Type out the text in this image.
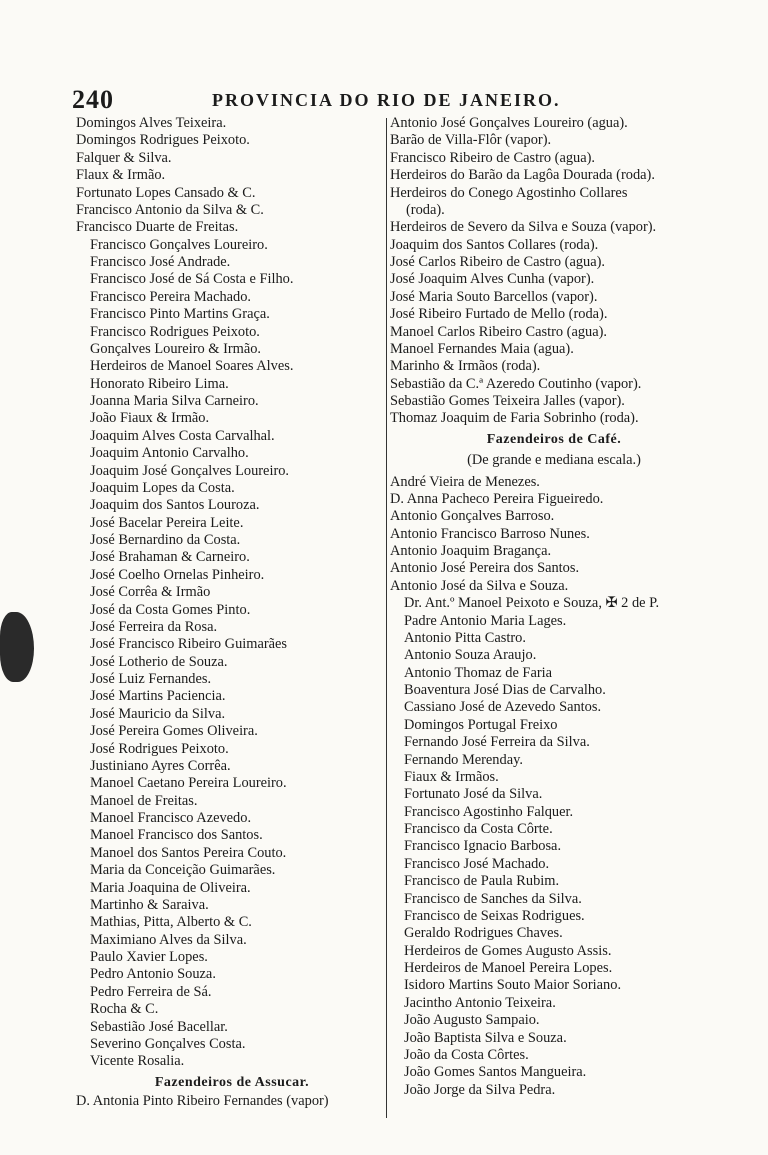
240	PROVINCIA DO RIO DE JANEIRO.
Domingos Alves Teixeira.
Domingos Rodrigues Peixoto.
Falquer & Silva.
Flaux & Irmão.
Fortunato Lopes Cansado & C.
Francisco Antonio da Silva & C.
Francisco Duarte de Freitas.
Francisco Gonçalves Loureiro.
Francisco José Andrade.
Francisco José de Sá Costa e Filho.
Francisco Pereira Machado.
Francisco Pinto Martins Graça.
Francisco Rodrigues Peixoto.
Gonçalves Loureiro & Irmão.
Herdeiros de Manoel Soares Alves.
Honorato Ribeiro Lima.
Joanna Maria Silva Carneiro.
João Fiaux & Irmão.
Joaquim Alves Costa Carvalhal.
Joaquim Antonio Carvalho.
Joaquim José Gonçalves Loureiro.
Joaquim Lopes da Costa.
Joaquim dos Santos Louroza.
José Bacelar Pereira Leite.
José Bernardino da Costa.
José Brahaman & Carneiro.
José Coelho Ornelas Pinheiro.
José Corrêa & Irmão
José da Costa Gomes Pinto.
José Ferreira da Rosa.
José Francisco Ribeiro Guimarães
José Lotherio de Souza.
José Luiz Fernandes.
José Martins Paciencia.
José Mauricio da Silva.
José Pereira Gomes Oliveira.
José Rodrigues Peixoto.
Justiniano Ayres Corrêa.
Manoel Caetano Pereira Loureiro.
Manoel de Freitas.
Manoel Francisco Azevedo.
Manoel Francisco dos Santos.
Manoel dos Santos Pereira Couto.
Maria da Conceição Guimarães.
Maria Joaquina de Oliveira.
Martinho & Saraiva.
Mathias, Pitta, Alberto & C.
Maximiano Alves da Silva.
Paulo Xavier Lopes.
Pedro Antonio Souza.
Pedro Ferreira de Sá.
Rocha & C.
Sebastião José Bacellar.
Severino Gonçalves Costa.
Vicente Rosalia.
Fazendeiros de Assucar.
D. Antonia Pinto Ribeiro Fernandes (vapor)
Antonio José Gonçalves Loureiro (agua).
Barão de Villa-Flôr (vapor).
Francisco Ribeiro de Castro (agua).
Herdeiros do Barão da Lagôa Dourada (roda).
Herdeiros do Conego Agostinho Collares
(roda).
Herdeiros de Severo da Silva e Souza (vapor).
Joaquim dos Santos Collares (roda).
José Carlos Ribeiro de Castro (agua).
José Joaquim Alves Cunha (vapor).
José Maria Souto Barcellos (vapor).
José Ribeiro Furtado de Mello (roda).
Manoel Carlos Ribeiro Castro (agua).
Manoel Fernandes Maia (agua).
Marinho & Irmãos (roda).
Sebastião da C.ª Azeredo Coutinho (vapor).
Sebastião Gomes Teixeira Jalles (vapor).
Thomaz Joaquim de Faria Sobrinho (roda).
Fazendeiros de Café.
(De grande e mediana escala.)
André Vieira de Menezes.
D. Anna Pacheco Pereira Figueiredo.
Antonio Gonçalves Barroso.
Antonio Francisco Barroso Nunes.
Antonio Joaquim Bragança.
Antonio José Pereira dos Santos.
Antonio José da Silva e Souza.
Dr. Ant.º Manoel Peixoto e Souza, ✠ 2 de P.
Padre Antonio Maria Lages.
Antonio Pitta Castro.
Antonio Souza Araujo.
Antonio Thomaz de Faria
Boaventura José Dias de Carvalho.
Cassiano José de Azevedo Santos.
Domingos Portugal Freixo
Fernando José Ferreira da Silva.
Fernando Merenday.
Fiaux & Irmãos.
Fortunato José da Silva.
Francisco Agostinho Falquer.
Francisco da Costa Côrte.
Francisco Ignacio Barbosa.
Francisco José Machado.
Francisco de Paula Rubim.
Francisco de Sanches da Silva.
Francisco de Seixas Rodrigues.
Geraldo Rodrigues Chaves.
Herdeiros de Gomes Augusto Assis.
Herdeiros de Manoel Pereira Lopes.
Isidoro Martins Souto Maior Soriano.
Jacintho Antonio Teixeira.
João Augusto Sampaio.
João Baptista Silva e Souza.
João da Costa Côrtes.
João Gomes Santos Mangueira.
João Jorge da Silva Pedra.
